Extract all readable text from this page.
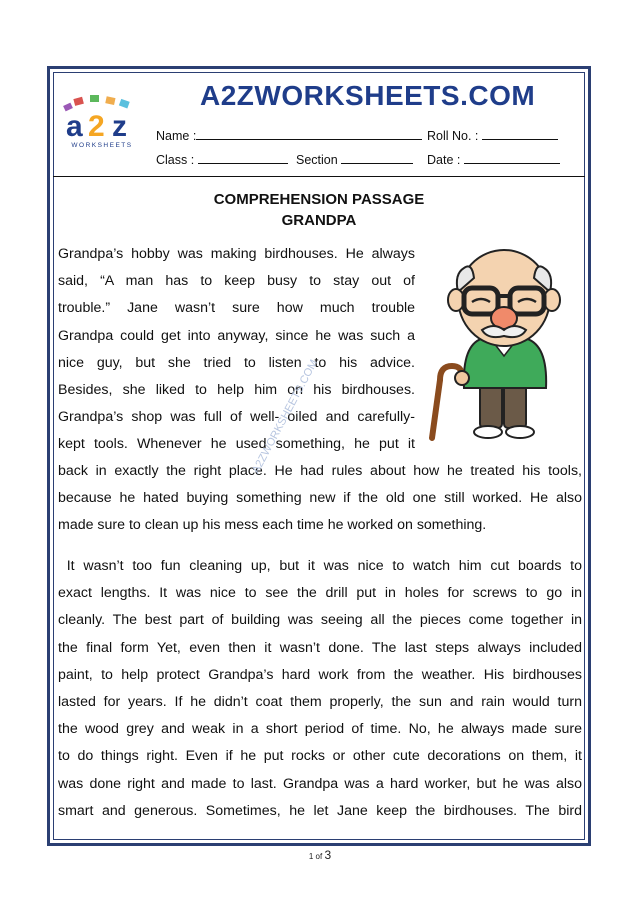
a 2 z
WORKSHEETS
A2ZWORKSHEETS.COM
Name :	Roll No. :
Class :	Section	Date :
COMPREHENSION PASSAGE
GRANDPA
Grandpa’s hobby was making birdhouses. He always
said, “A man has to keep busy to stay out of
trouble.” Jane wasn’t sure how much trouble
Grandpa could get into anyway, since he was such a
nice guy, but she tried to listen to his advice.
Besides, she liked to help him on his birdhouses.
Grandpa’s shop was full of well- oiled and carefully-
kept tools. Whenever he used something, he put it
back in exactly the right place. He had rules about how he treated his tools,
because he hated buying something new if the old one still worked. He also
made sure to clean up his mess each time he worked on something.
It wasn’t too fun cleaning up, but it was nice to watch him cut boards to
exact lengths. It was nice to see the drill put in holes for screws to go in
cleanly. The best part of building was seeing all the pieces come together in
the final form Yet, even then it wasn’t done. The last steps always included
paint, to help protect Grandpa’s hard work from the weather. His birdhouses
lasted for years. If he didn’t coat them properly, the sun and rain would turn
the wood grey and weak in a short period of time. No, he always made sure
to do things right. Even if he put rocks or other cute decorations on them, it
was done right and made to last. Grandpa was a hard worker, but he was also
smart and generous. Sometimes, he let Jane keep the birdhouses. The bird
A2ZWORKSHEETS.COM
1 of 3
